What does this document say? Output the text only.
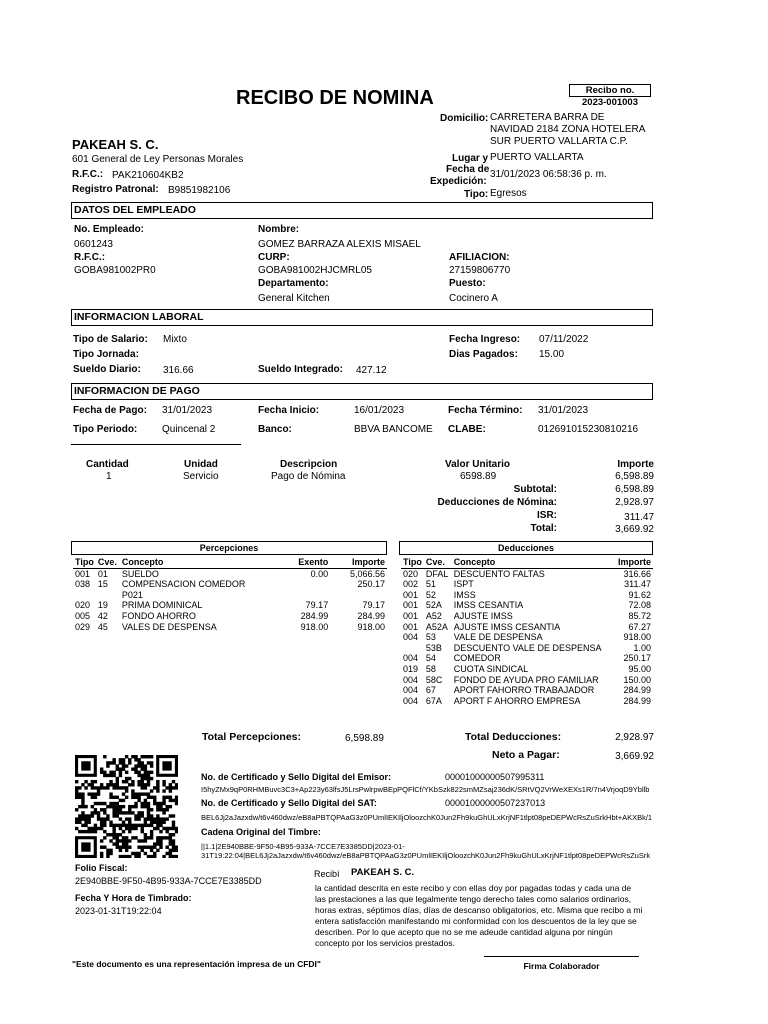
RECIBO DE NOMINA	Recibo no.
2023-001003
PAKEAH S. C.
601 General de Ley Personas Morales
R.F.C.: PAK210604KB2
Registro Patronal: B9851982106
Domicilio: CARRETERA BARRA DE
NAVIDAD 2184 ZONA HOTELERA
SUR PUERTO VALLARTA C.P.
Lugar y PUERTO VALLARTA
Fecha de
Expedición:
31/01/2023 06:58:36 p. m.
Tipo: Egresos
DATOS DEL EMPLEADO
No. Empleado:
0601243
Nombre:
GOMEZ BARRAZA ALEXIS MISAEL
R.F.C.:
GOBA981002PR0
CURP:
GOBA981002HJCMRL05
AFILIACION:
27159806770
Departamento:
General Kitchen
Puesto:
Cocinero A
INFORMACION LABORAL
Tipo de Salario: Mixto
Tipo Jornada:
Sueldo Diario: 316.66	Sueldo Integrado: 427.12
Fecha Ingreso: 07/11/2022
Dias Pagados: 15.00
INFORMACION DE PAGO
Fecha de Pago: 31/01/2023	Fecha Inicio:	16/01/2023	Fecha Término: 31/01/2023
Tipo Periodo: Quincenal 2	Banco:	BBVA BANCOME CLABE:	012691015230810216
Cantidad	Unidad	Descripcion	Valor Unitario	Importe
1	Servicio	Pago de Nómina	6598.89	6,598.89
Subtotal:	6,598.89
Deducciones de Nómina:	2,928.97
ISR:	311.47
Total:	3,669.92
Percepciones
Tipo	Cve.	Concepto	Exento	Importe
001	01	SUELDO	0.00	5,066.56
038	15	COMPENSACION COMEDOR		250.17
		P021		
020	19	PRIMA DOMINICAL	79.17	79.17
005	42	FONDO AHORRO	284.99	284.99
029	45	VALES DE DESPENSA	918.00	918.00
Deducciones
Tipo	Cve.	Concepto	Importe
020	DFAL	DESCUENTO FALTAS	316.66
002	51	ISPT	311.47
001	52	IMSS	91.62
001	52A	IMSS CESANTIA	72.08
001	A52	AJUSTE IMSS	85.72
001	A52A	AJUSTE IMSS CESANTIA	67.27
004	53	VALE DE DESPENSA	918.00
	53B	DESCUENTO VALE DE DESPENSA	1.00
004	54	COMEDOR	250.17
019	58	CUOTA SINDICAL	95.00
004	58C	FONDO DE AYUDA PRO FAMILIAR	150.00
004	67	APORT FAHORRO TRABAJADOR	284.99
004	67A	APORT F AHORRO EMPRESA	284.99
Total Percepciones:	6,598.89	Total Deducciones:	2,928.97
Neto a Pagar:	3,669.92
No. de Certificado y Sello Digital del Emisor:	00001000000507995311
I5hyZMx9qP0RHMBuvc3C3+Ap223y63lfsJ5LrsPwlrpwBEpPQFlCf/YKbSzk822smMZsaj236dK/SRtVQ2VrWeXEXs1R/7n4VrjoqD9Ybllb
No. de Certificado y Sello Digital del SAT:	00001000000507237013
BEL6Jj2aJazxdw/t6v460dwz/eB8aPBTQPAaG3z0PUmlIEKIljOloozchK0Jun2Fh9kuGhULxKrjNF1tlpt08peDEPWcRsZuSrkHbt+AKXBk/1
Cadena Original del Timbre:
||1.1|2E940BBE-9F50-4B95-933A-7CCE7E3385DD|2023-01-
31T19:22:04|BEL6Jj2aJazxdw/t6v460dwz/eB8aPBTQPAaG3z0PUmlIEKIljOloozchK0Jun2Fh9kuGhULxKrjNF1tlpt08peDEPWcRsZuSrk
Folio Fiscal:
2E940BBE-9F50-4B95-933A-7CCE7E3385DD
Fecha Y Hora de Timbrado:
2023-01-31T19:22:04
Recibí PAKEAH S. C.
la cantidad descrita en este recibo y con ellas doy por pagadas todas y cada una de
las prestaciones a las que legalmente tengo derecho tales como salarios ordinarios,
horas extras, séptimos días, días de descanso obligatorios, etc. Misma que recibo a mi
entera satisfacción manifestando mi conformidad con los descuentos de la ley que se
describen. Por lo que acepto que no se me adeude cantidad alguna por ningún
concepto por los servicios prestados.
"Este documento es una representación impresa de un CFDI"	Firma Colaborador
